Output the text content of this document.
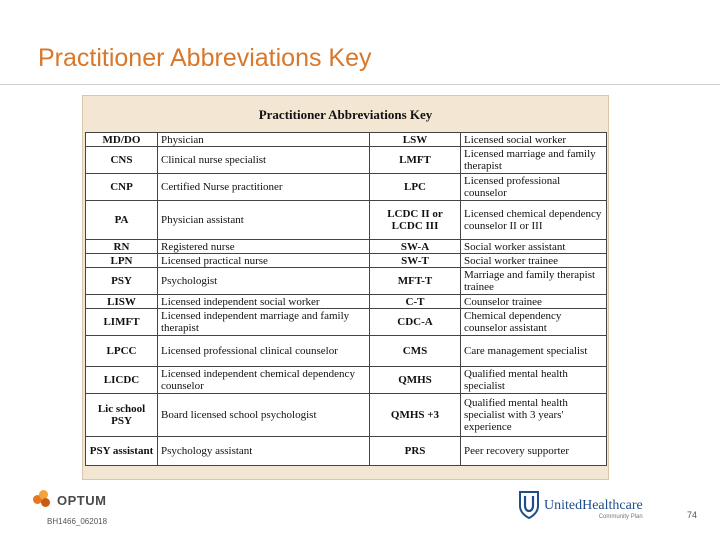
Practitioner Abbreviations Key
Practitioner Abbreviations Key
MD/DO	Physician	LSW	Licensed social worker
CNS	Clinical nurse specialist	LMFT	Licensed marriage and family therapist
CNP	Certified Nurse practitioner	LPC	Licensed professional counselor
PA	Physician assistant	LCDC II or LCDC III	Licensed chemical dependency counselor II or III
RN	Registered nurse	SW-A	Social worker assistant
LPN	Licensed practical nurse	SW-T	Social worker trainee
PSY	Psychologist	MFT-T	Marriage and family therapist trainee
LISW	Licensed independent social worker	C-T	Counselor trainee
LIMFT	Licensed independent marriage and family therapist	CDC-A	Chemical dependency counselor assistant
LPCC	Licensed professional clinical counselor	CMS	Care management specialist
LICDC	Licensed independent chemical dependency counselor	QMHS	Qualified mental health specialist
Lic school PSY	Board licensed school psychologist	QMHS +3	Qualified mental health specialist with 3 years' experience
PSY assistant	Psychology assistant	PRS	Peer recovery supporter
OPTUM
BH1466_062018
UnitedHealthcare
Community Plan	74
